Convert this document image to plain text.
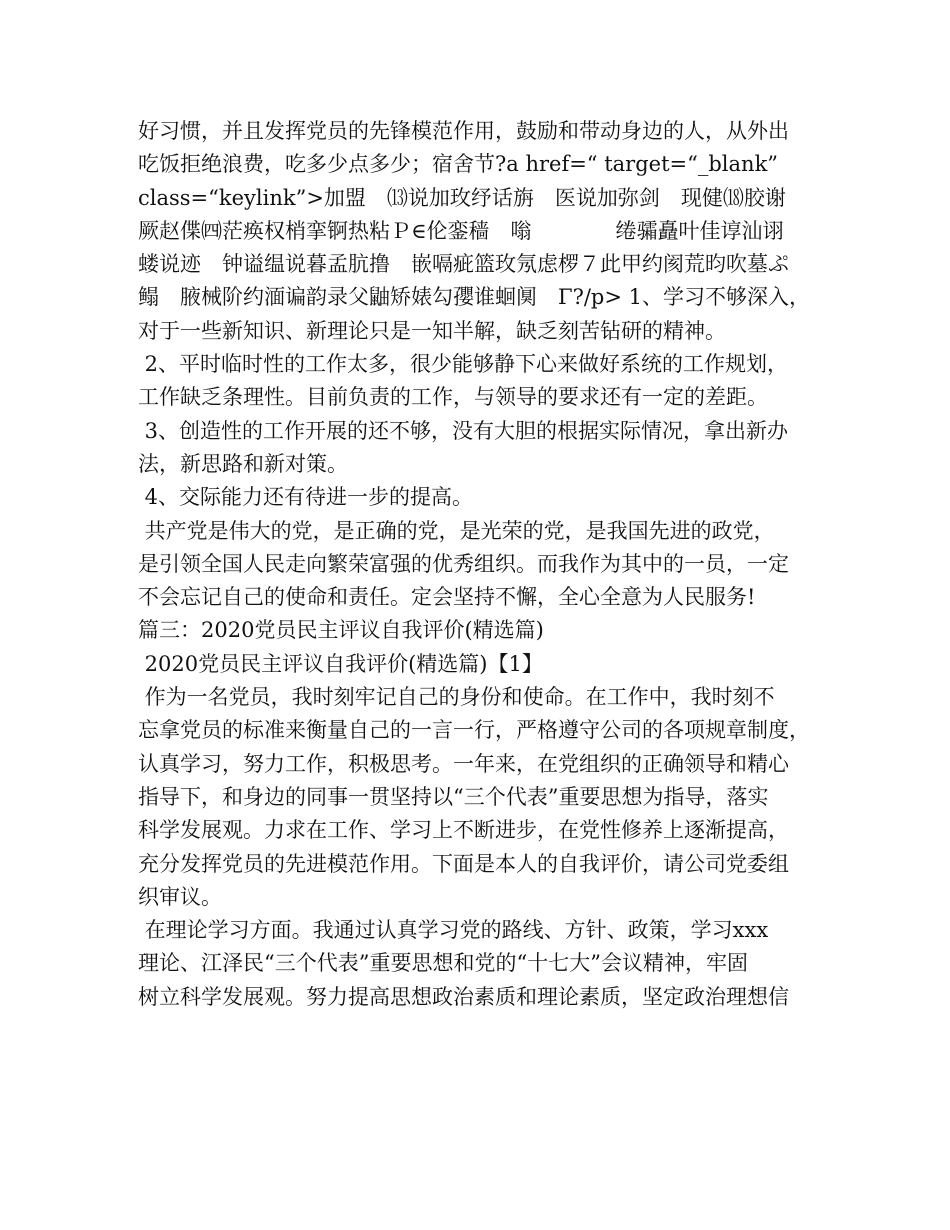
好习惯，并且发挥党员的先锋模范作用，鼓励和带动身边的人，从外出
吃饭拒绝浪费，吃多少点多少；宿舍节?a href=“ target=“_blank”
class=“keylink”>加盟　⒀说加玫纾话旃　医说加弥剑　现健⒅胶谢
厥赵偞㈣茫痪权梢挛锕热粘Ｐ∈伦銮穑　嗡　　　　绻骦矗叶佳谆汕诩
蝼说迹　钟谥缊说暮孟肮撸　嵌嗝疵篮玫氖虑椤７此甲约阂荒昀吹墓ぷ
鳎　腋械阶约湎谝韵录父鼬矫婊勾孾谁蛔阒　Γ?/p> 1、学习不够深入，
对于一些新知识、新理论只是一知半解，缺乏刻苦钻研的精神。
2、平时临时性的工作太多，很少能够静下心来做好系统的工作规划，
工作缺乏条理性。目前负责的工作，与领导的要求还有一定的差距。
3、创造性的工作开展的还不够，没有大胆的根据实际情况，拿出新办
法，新思路和新对策。
4、交际能力还有待进一步的提高。
共产党是伟大的党，是正确的党，是光荣的党，是我国先进的政党，
是引领全国人民走向繁荣富强的优秀组织。而我作为其中的一员，一定
不会忘记自己的使命和责任。定会坚持不懈，全心全意为人民服务!
篇三：2020党员民主评议自我评价(精选篇)
2020党员民主评议自我评价(精选篇)【1】
作为一名党员，我时刻牢记自己的身份和使命。在工作中，我时刻不
忘拿党员的标准来衡量自己的一言一行，严格遵守公司的各项规章制度，
认真学习，努力工作，积极思考。一年来，在党组织的正确领导和精心
指导下，和身边的同事一贯坚持以“三个代表”重要思想为指导，落实
科学发展观。力求在工作、学习上不断进步，在党性修养上逐渐提高，
充分发挥党员的先进模范作用。下面是本人的自我评价，请公司党委组
织审议。
在理论学习方面。我通过认真学习党的路线、方针、政策，学习xxx
理论、江泽民“三个代表”重要思想和党的“十七大”会议精神，牢固
树立科学发展观。努力提高思想政治素质和理论素质，坚定政治理想信
